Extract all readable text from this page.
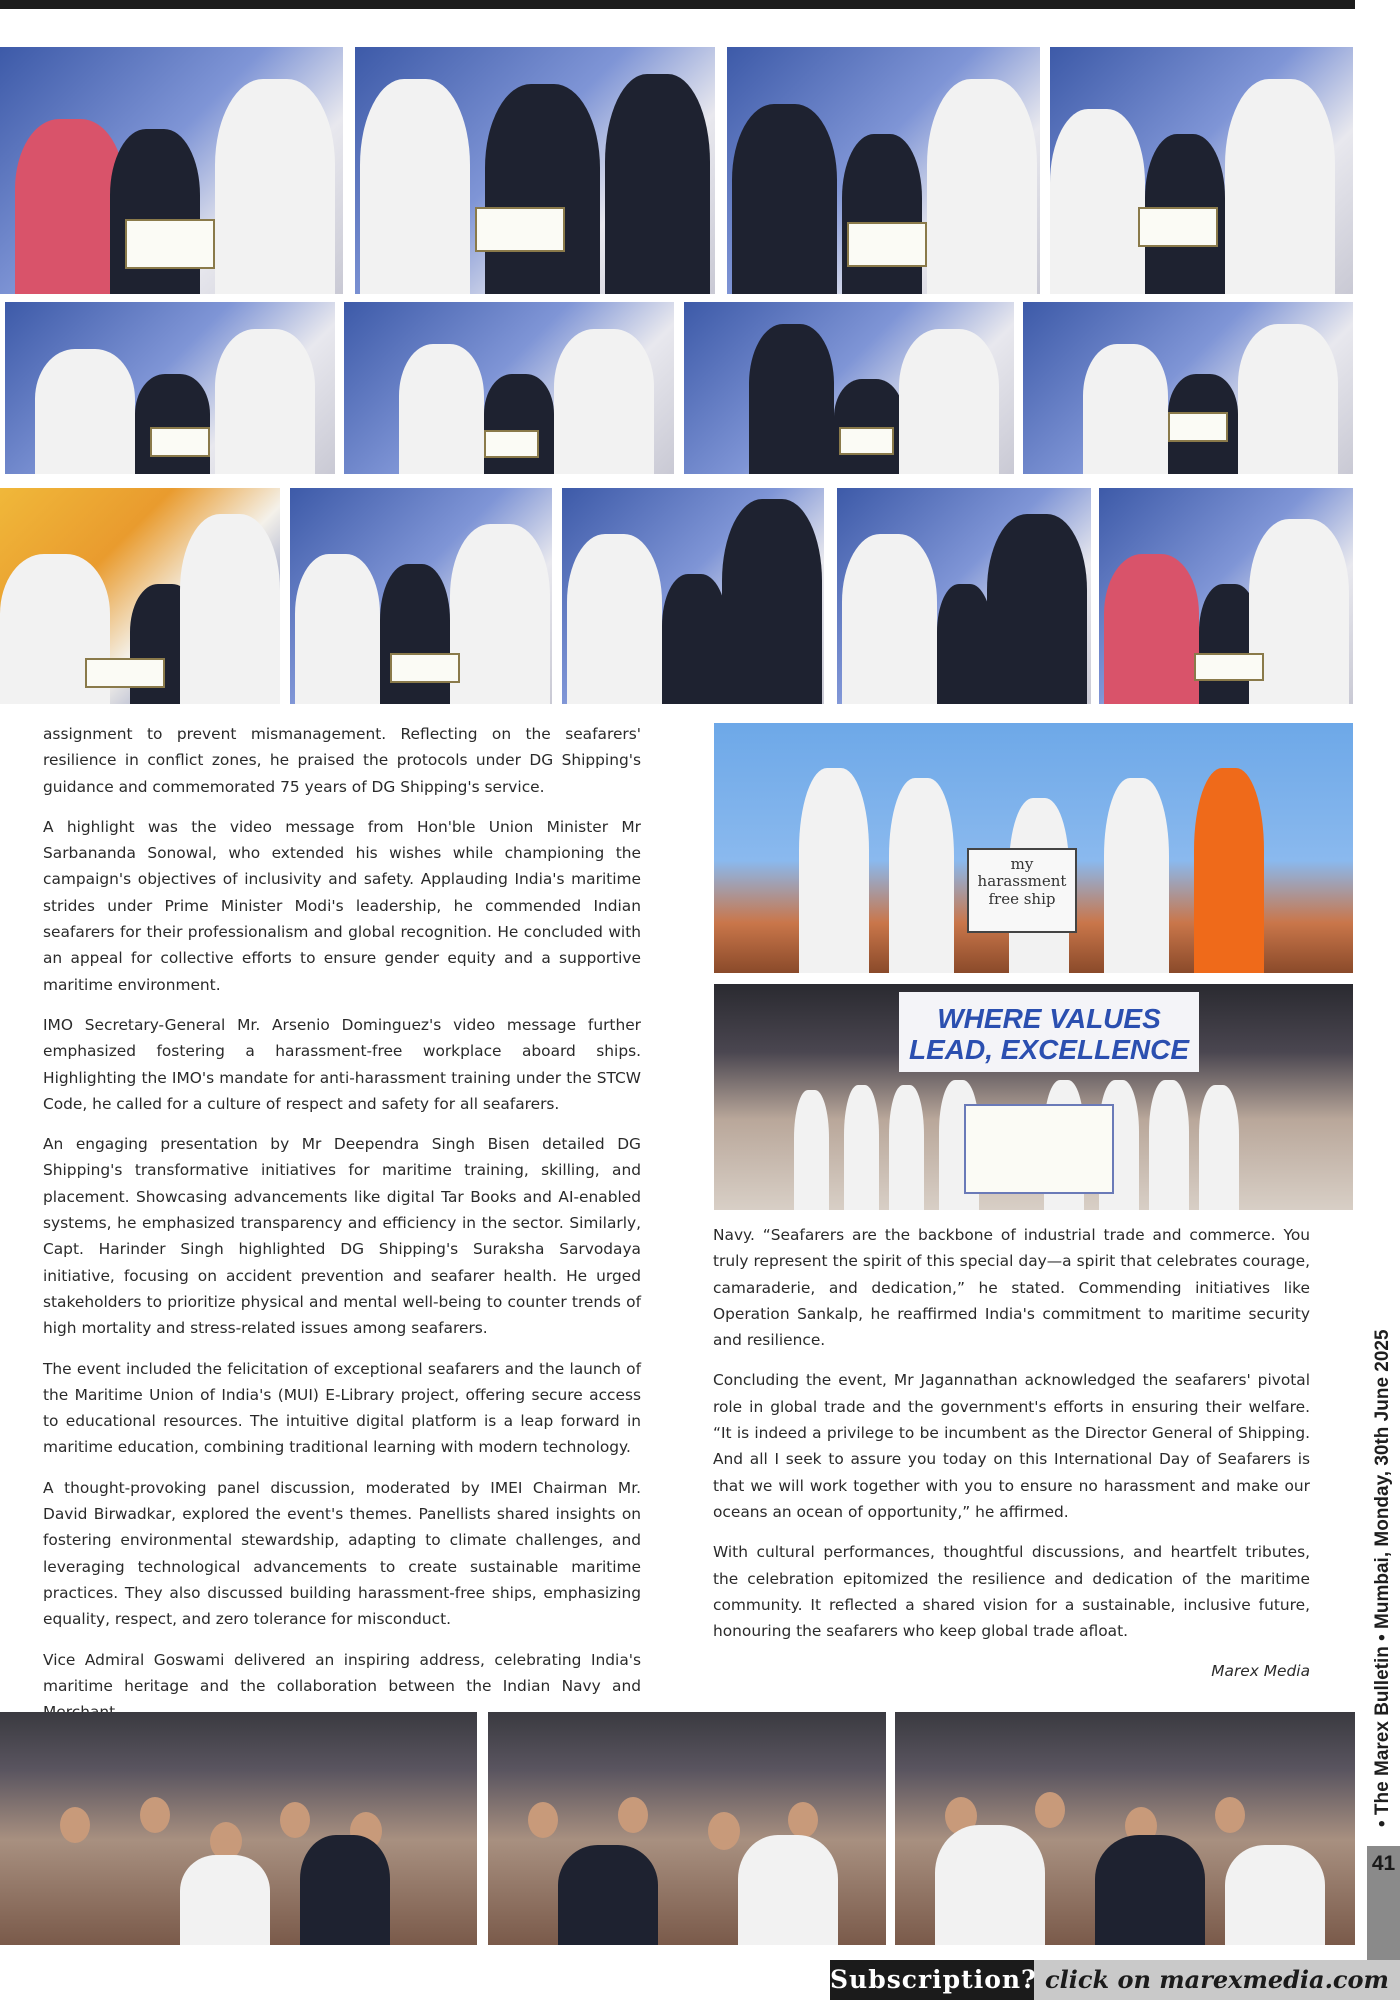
my harassment free ship
WHERE VALUES LEAD, EXCELLENCE

assignment to prevent mismanagement. Reflecting on the seafarers' resilience in conflict zones, he praised the protocols under DG Shipping's guidance and commemorated 75 years of DG Shipping's service.

A highlight was the video message from Hon'ble Union Minister Mr Sarbananda Sonowal, who extended his wishes while championing the campaign's objectives of inclusivity and safety. Applauding India's maritime strides under Prime Minister Modi's leadership, he commended Indian seafarers for their professionalism and global recognition. He concluded with an appeal for collective efforts to ensure gender equity and a supportive maritime environment.

IMO Secretary-General Mr. Arsenio Dominguez's video message further emphasized fostering a harassment-free workplace aboard ships. Highlighting the IMO's mandate for anti-harassment training under the STCW Code, he called for a culture of respect and safety for all seafarers.

An engaging presentation by Mr Deependra Singh Bisen detailed DG Shipping's transformative initiatives for maritime training, skilling, and placement. Showcasing advancements like digital Tar Books and AI-enabled systems, he emphasized transparency and efficiency in the sector. Similarly, Capt. Harinder Singh highlighted DG Shipping's Suraksha Sarvodaya initiative, focusing on accident prevention and seafarer health. He urged stakeholders to prioritize physical and mental well-being to counter trends of high mortality and stress-related issues among seafarers.

The event included the felicitation of exceptional seafarers and the launch of the Maritime Union of India's (MUI) E-Library project, offering secure access to educational resources. The intuitive digital platform is a leap forward in maritime education, combining traditional learning with modern technology.

A thought-provoking panel discussion, moderated by IMEI Chairman Mr. David Birwadkar, explored the event's themes. Panellists shared insights on fostering environmental stewardship, adapting to climate challenges, and leveraging technological advancements to create sustainable maritime practices. They also discussed building harassment-free ships, emphasizing equality, respect, and zero tolerance for misconduct.

Vice Admiral Goswami delivered an inspiring address, celebrating India's maritime heritage and the collaboration between the Indian Navy and

Navy. “Seafarers are the backbone of industrial trade and commerce. You truly represent the spirit of this special day—a spirit that celebrates courage, camaraderie, and dedication,” he stated. Commending initiatives like Operation Sankalp, he reaffirmed India's commitment to maritime security and resilience.

Concluding the event, Mr Jagannathan acknowledged the seafarers' pivotal role in global trade and the government's efforts in ensuring their welfare. “It is indeed a privilege to be incumbent as the Director General of Shipping. And all I seek to assure you today on this International Day of Seafarers is that we will work together with you to ensure no harassment and make our oceans an ocean of opportunity,” he affirmed.

With cultural performances, thoughtful discussions, and heartfelt tributes, the celebration epitomized the resilience and dedication of the maritime community. It reflected a shared vision for a sustainable, inclusive future, honouring the seafarers who keep global trade afloat.

Marex Media	• The Marex Bulletin • Mumbai, Monday, 30th June 2025
41
Subscription? click on marexmedia.com
